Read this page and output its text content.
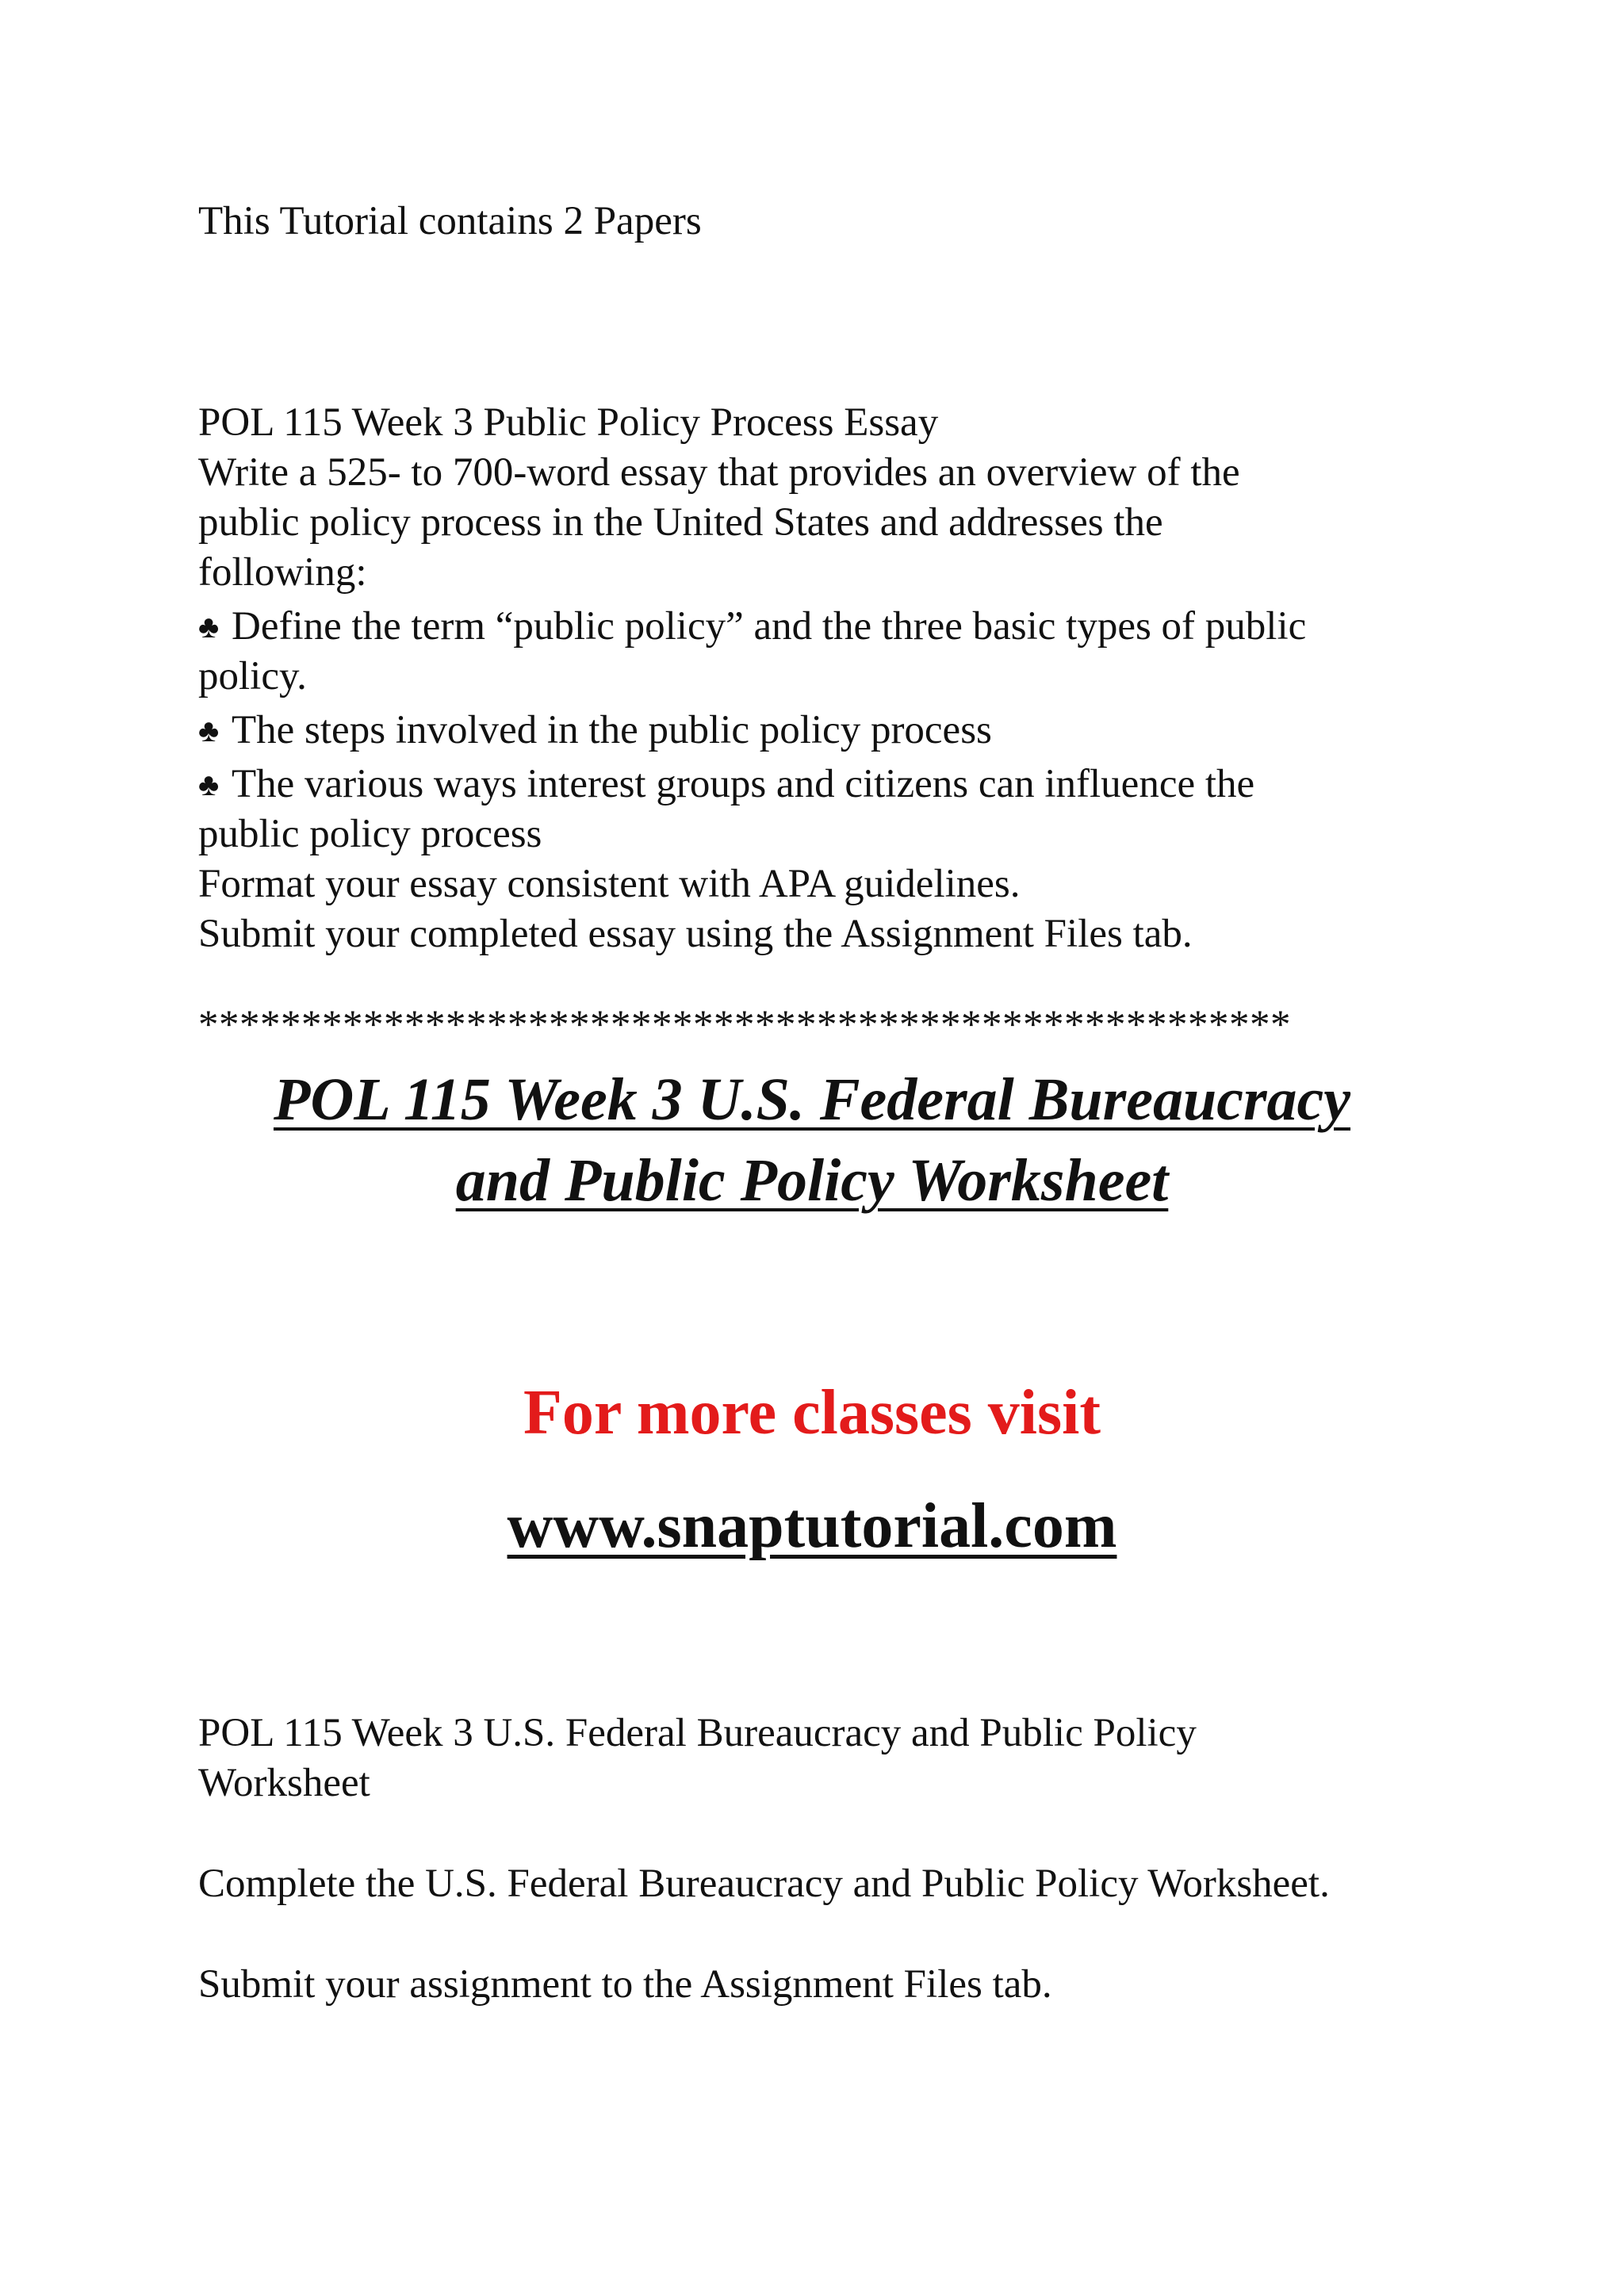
This Tutorial contains 2 Papers
POL 115 Week 3 Public Policy Process Essay
Write a 525- to 700-word essay that provides an overview of the
public policy process in the United States and addresses the
following:
♣ Define the term “public policy” and the three basic types of public
policy.
♣ The steps involved in the public policy process
♣ The various ways interest groups and citizens can influence the
public policy process
Format your essay consistent with APA guidelines.
Submit your completed essay using the Assignment Files tab.
*****************************************************
POL 115 Week 3 U.S. Federal Bureaucracy
and Public Policy Worksheet
For more classes visit
www.snaptutorial.com
POL 115 Week 3 U.S. Federal Bureaucracy and Public Policy
Worksheet
Complete the U.S. Federal Bureaucracy and Public Policy Worksheet.
Submit your assignment to the Assignment Files tab.
